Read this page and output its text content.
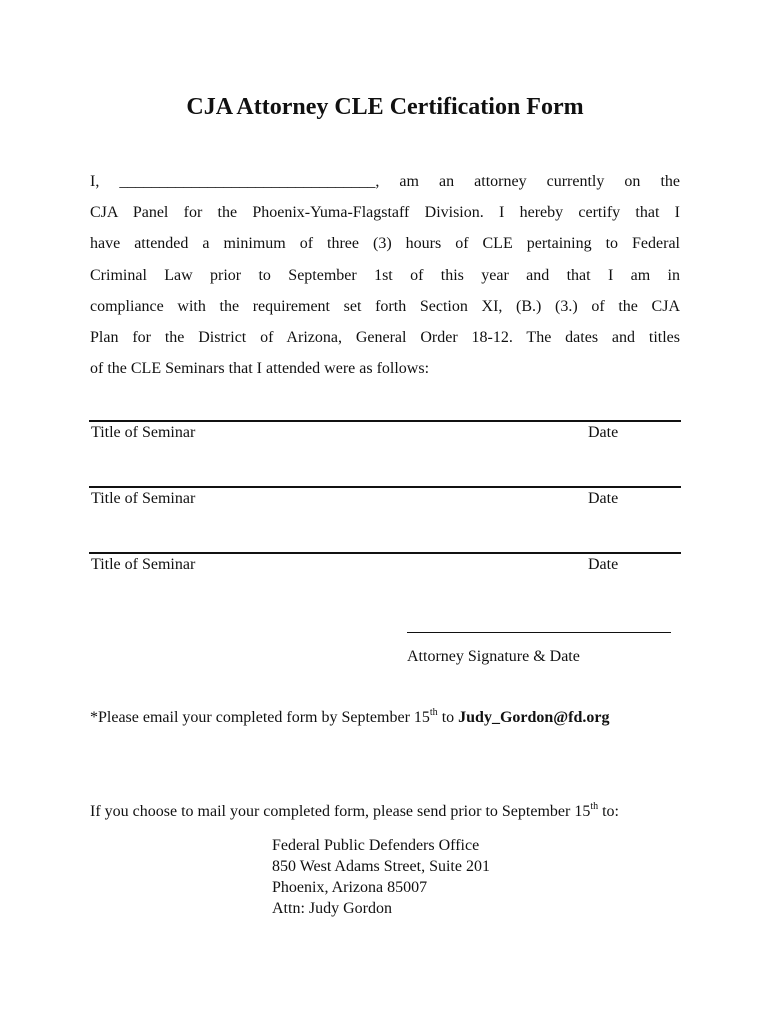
CJA Attorney CLE Certification Form
I, ________________________________, am an attorney currently on the
CJA Panel for the Phoenix-Yuma-Flagstaff Division. I hereby certify that I
have attended a minimum of three (3) hours of CLE pertaining to Federal
Criminal Law prior to September 1st of this year and that I am in
compliance with the requirement set forth Section XI, (B.) (3.) of the CJA
Plan for the District of Arizona, General Order 18-12. The dates and titles
of the CLE Seminars that I attended were as follows:
Title of Seminar	Date
Title of Seminar	Date
Title of Seminar	Date
Attorney Signature & Date
*Please email your completed form by September 15th to Judy_Gordon@fd.org
If you choose to mail your completed form, please send prior to September 15th to:
Federal Public Defenders Office
850 West Adams Street, Suite 201
Phoenix, Arizona 85007
Attn: Judy Gordon
